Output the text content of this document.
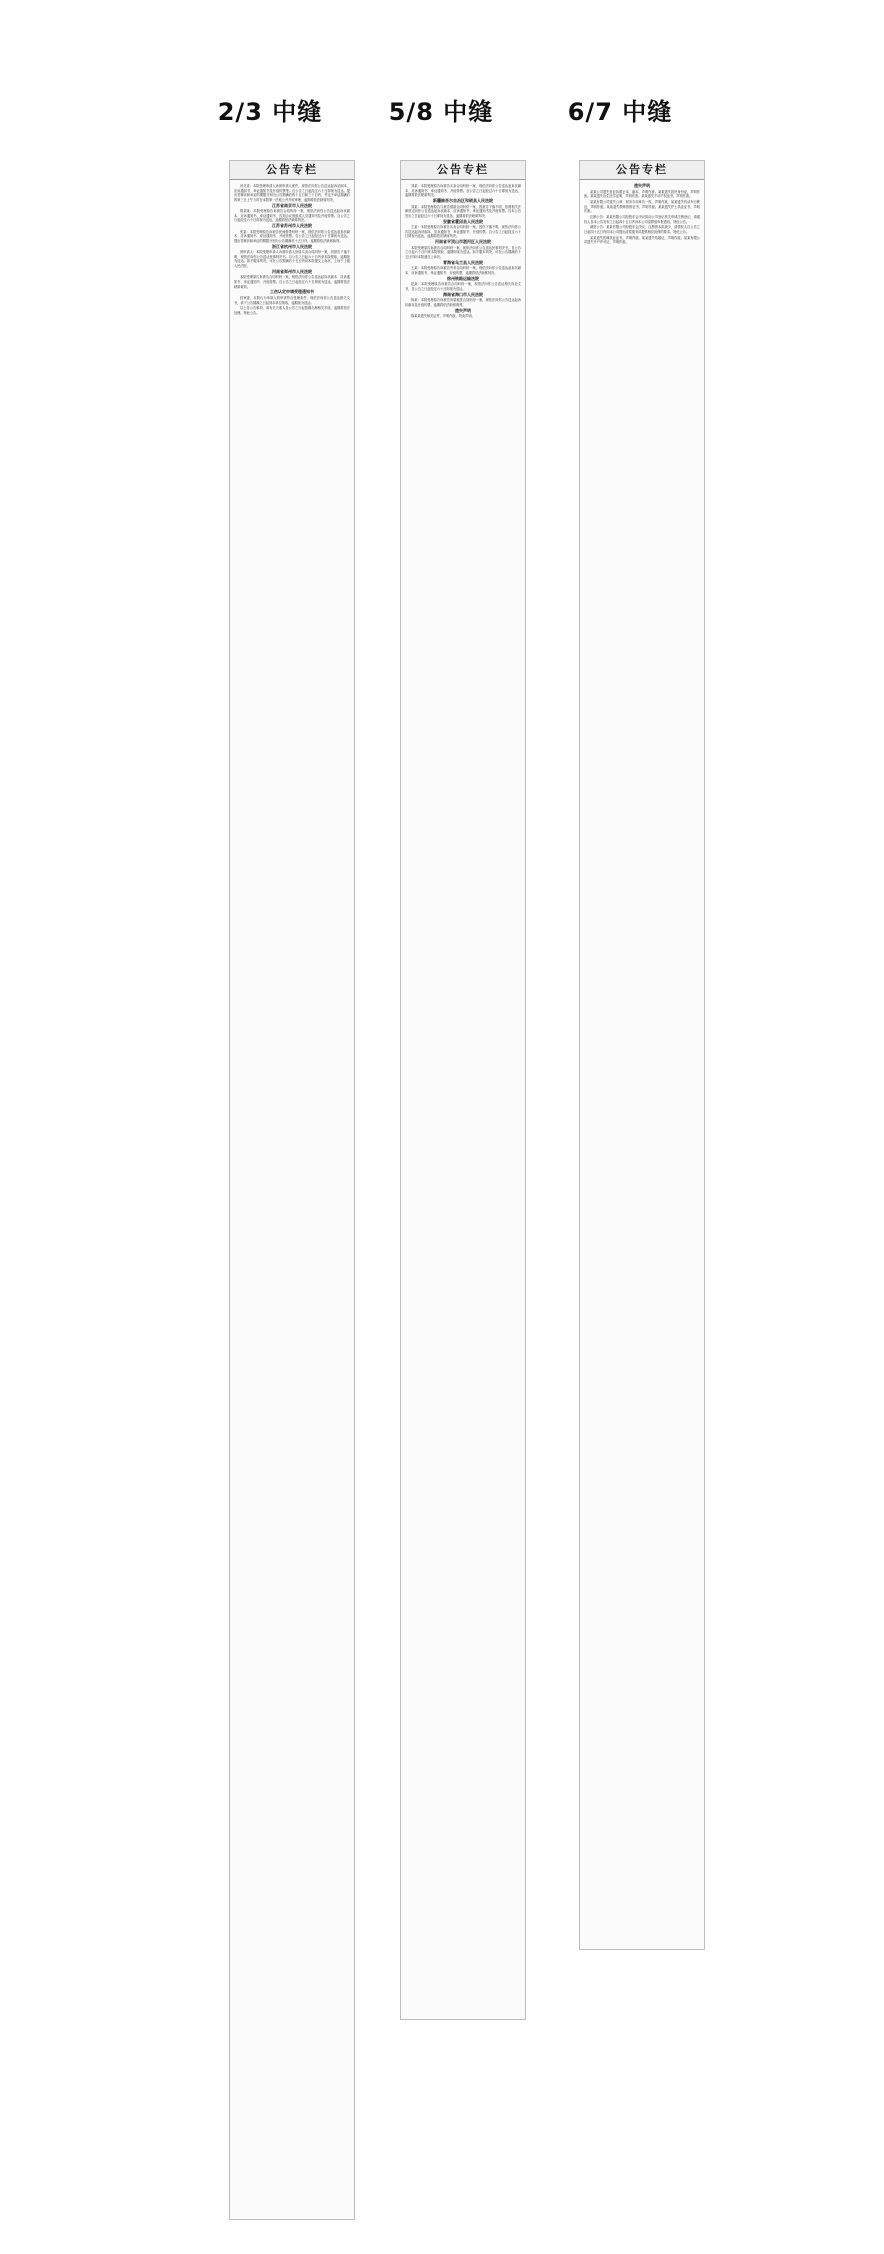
2/3 中缝
公告专栏

河北省：本院受理申请人诉被申请人案件，现依法向你公告送达起诉状副本、应诉通知书、举证通知书及开庭传票等。自公告之日起经过六十日即视为送达。提出答辩状和举证的期限分别为公告期满后的十五日和三十日内，并定于举证期满后的第三日上午九时在本院第一法庭公开开庭审理，逾期将依法缺席判决。

江苏省南京市人民法院

胡某某：本院受理原告诉被告合同纠纷一案，现依法向你公告送达起诉状副本、应诉通知书、举证通知书、告知合议庭组成人员通知书及开庭传票。自公告之日起经过六十日即视为送达，逾期将依法缺席判决。

江苏省苏州市人民法院

张某：本院受理原告诉被告民间借贷纠纷一案，现依法向你公告送达起诉状副本、应诉通知书、举证通知书、开庭传票。自公告之日起经过六十日即视为送达。提出答辩状和举证的期限分别为公告期满后十五日内，逾期将依法缺席裁判。

浙江省杭州市人民法院

被申请人：本院受理申请人诉被申请人房屋买卖合同纠纷一案，因被告下落不明，现依法向你公告送达民事判决书。自公告之日起六十日内来本院领取，逾期视为送达。如不服本判决，可在公告期满后十五日内向本院递交上诉状，上诉于上级人民法院。

河南省郑州市人民法院

本院受理原告诉被告合同纠纷一案，现依法向你公告送达起诉状副本、应诉通知书、举证通知书、开庭传票。自公告之日起经过六十日即视为送达，逾期将依法缺席裁判。

工伤认定申请受理通知书

经审查，本院认为申请人的申请符合受理条件，现依法向你公告送达相关文书，请于公告期满之日起到本单位领取，逾期视为送达。

以上各公告事项，请有关当事人自公告之日起按期办理相关手续，逾期将依法处理。特此公告。

5/8 中缝
公告专栏

刘某：本院受理原告诉被告买卖合同纠纷一案，现依法向你公告送达起诉状副本、应诉通知书、举证通知书、开庭传票。自公告之日起经过六十日即视为送达，逾期将依法缺席判决。

新疆维吾尔自治区和硕县人民法院

刘某：本院受理原告与被告借款合同纠纷一案，因被告下落不明，依照相关法律规定向你公告送达起诉状副本、应诉通知书、举证通知书及开庭传票。自本公告发出之日起经过六十日即视为送达，逾期将依法缺席判决。

安徽省霍邱县人民法院

王某：本院受理原告诉被告买卖合同纠纷一案，因你下落不明，现依法向你公告送达起诉状副本、应诉通知书、举证通知书、开庭传票。自公告之日起经过六十日即视为送达，逾期将依法缺席判决。

河南省平顶山市湛河区人民法院

本院受理原告诉被告合同纠纷一案，现依法向你公告送达民事判决书。自公告之日起六十日内来本院领取，逾期即视为送达。如不服本判决，可在公告期满后十五日内向本院递交上诉状。

青海省乌兰县人民法院

王某：本院受理原告诉被告劳务合同纠纷一案，现依法向你公告送达起诉状副本、应诉通知书、举证通知书、开庭传票，逾期将依法缺席判决。

徐州铁路运输法院

赵某：本院受理原告诉被告合同纠纷一案，现依法向你公告送达相关诉讼文书，自公告之日起经过六十日即视为送达。

海南省海口市人民法院

杨某：本院受理原告诉被告房屋租赁合同纠纷一案，现依法向你公告送达起诉状副本及开庭传票，逾期将依法缺席裁判。

遗失声明

陈某某遗失相关证件，声明作废。特此声明。

6/7 中缝
公告专栏
遗失声明

某某公司遗失营业执照正本、副本，声明作废。某某遗失居民身份证，声明作废。某某遗失出生医学证明，声明作废。某某遗失不动产权证书，声明作废。

某某有限公司遗失公章、财务专用章各一枚，声明作废。某某遗失机动车行驶证，声明作废。某某遗失教师资格证书，声明作废。某某遗失护士执业证书，声明作废。

注销公告：某某有限公司经股东会决议拟向公司登记机关申请注销登记，请债权人自本公告发布之日起四十五日内向本公司清算组申报债权。特此公告。

减资公告：某某有限公司经股东会决议，注册资本拟减少，请债权人自公告之日起四十五日内向本公司提出清偿债务或提供相应担保的要求。特此公告。

某某遗失医师执业证书，声明作废。某某遗失结婚证，声明作废。某某有限公司遗失开户许可证，声明作废。
